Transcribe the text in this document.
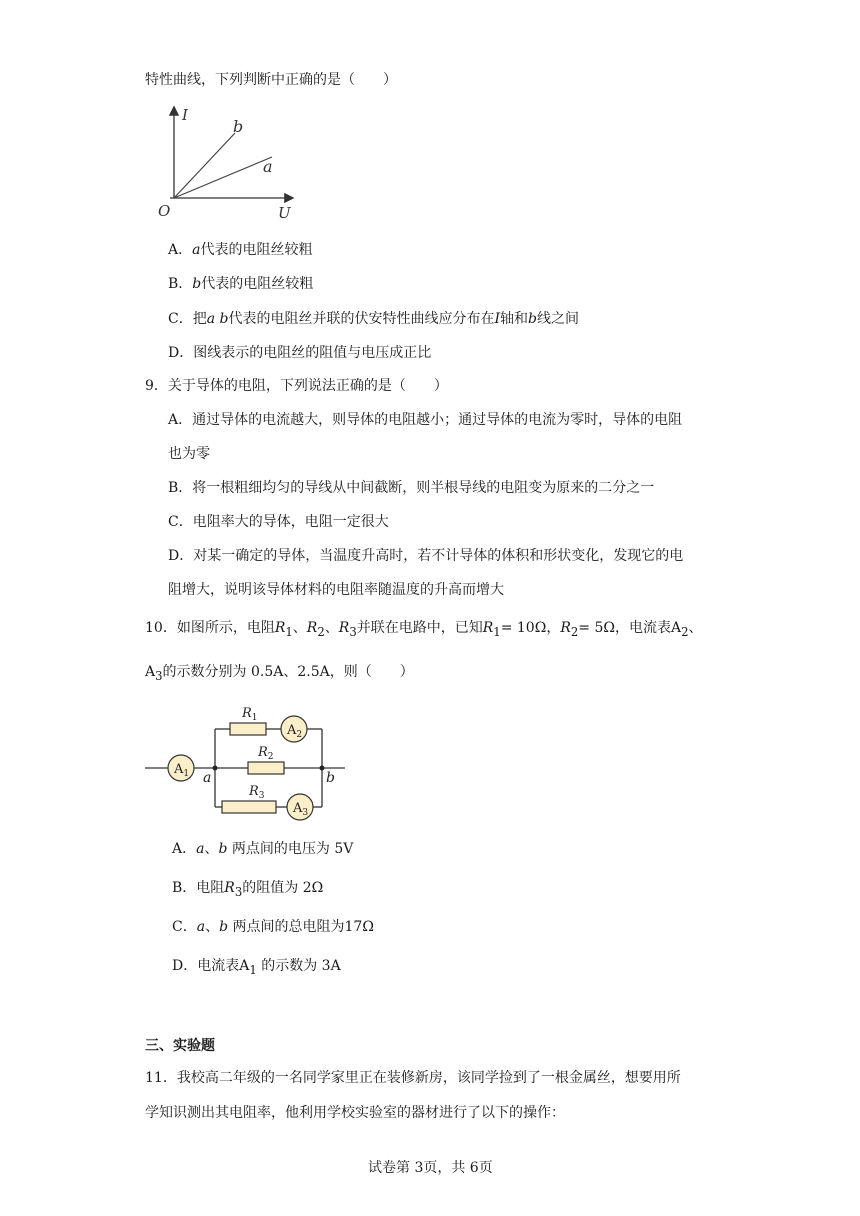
特性曲线，下列判断中正确的是（　　）
I
U
O
b
a
A．a代表的电阻丝较粗
B．b代表的电阻丝较粗
C．把a b代表的电阻丝并联的伏安特性曲线应分布在I轴和b线之间
D．图线表示的电阻丝的阻值与电压成正比
9．关于导体的电阻，下列说法正确的是（　　）
A．通过导体的电流越大，则导体的电阻越小；通过导体的电流为零时，导体的电阻
也为零
B．将一根粗细均匀的导线从中间截断，则半根导线的电阻变为原来的二分之一
C．电阻率大的导体，电阻一定很大
D．对某一确定的导体，当温度升高时，若不计导体的体积和形状变化，发现它的电
阻增大，说明该导体材料的电阻率随温度的升高而增大
10．如图所示，电阻$R_1$、$R_2$、$R_3$并联在电路中，已知$R_1= 10\Omega$，$R_2= 5\Omega$，电流表$A_2$、
$A_3$的示数分别为 0.5A、2.5A，则（　　）
$A_1$
$A_2$
$A_3$
$R_1$
$R_2$
$R_3$
a	b
A．a、b 两点间的电压为 5V
B．电阻$R_3$的阻值为 2Ω
C．a、b 两点间的总电阻为17Ω
D．电流表$A_1$ 的示数为 3A
三、实验题
11．我校高二年级的一名同学家里正在装修新房，该同学捡到了一根金属丝，想要用所
学知识测出其电阻率，他利用学校实验室的器材进行了以下的操作：
试卷第 3页，共 6页
